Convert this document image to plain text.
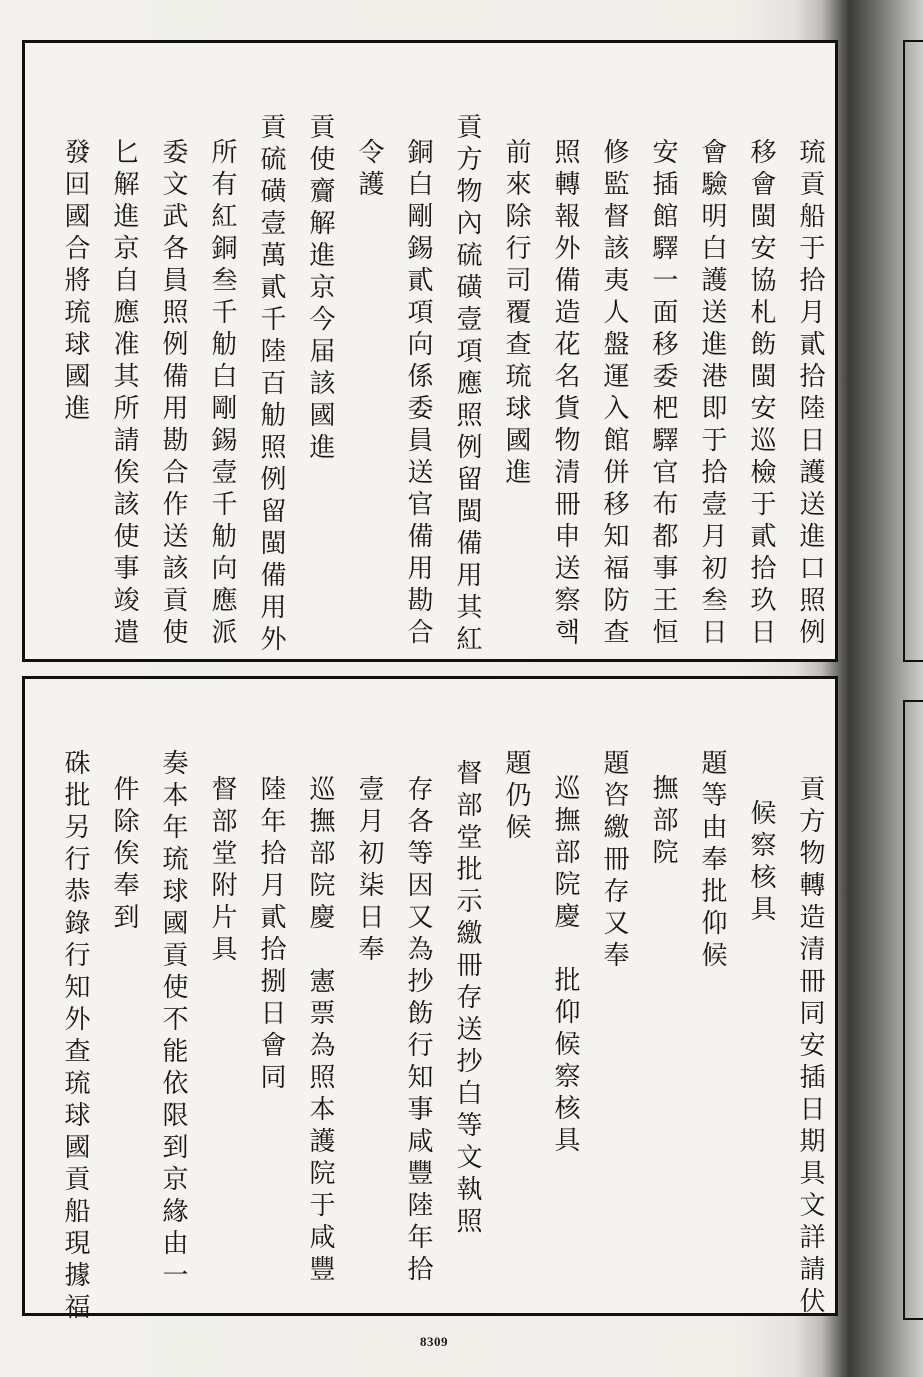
琉貢船于拾月貳拾陸日護送進口照例
移會閩安協札飭閩安巡檢于貳拾玖日
會驗明白護送進港即于拾壹月初叁日
安插館驛一面移委杷驛官布都事王恒
修監督該夷人盤運入館併移知福防查
照轉報外備造花名貨物清冊申送察핵
前來除行司覆查琉球國進
貢方物內硫磺壹項應照例留閩備用其紅
銅白剛錫貳項向係委員送官備用勘合
令護
貢使齎解進京今届該國進
貢硫磺壹萬貳千陸百觔照例留閩備用外
所有紅銅叁千觔白剛錫壹千觔向應派
委文武各員照例備用勘合作送該貢使
匕解進京自應准其所請俟該使事竣遣
發回國合將琉球國進
貢方物轉造清冊同安插日期具文詳請伏
候察核具
題等由奉批仰候
撫部院
題咨繳冊存又奉
巡撫部院慶　批仰候察核具
題仍候
督部堂批示繳冊存送抄白等文執照
存各等因又為抄飭行知事咸豐陸年拾
壹月初柒日奉
巡撫部院慶　憲票為照本護院于咸豐
陸年拾月貳拾捌日會同
督部堂附片具
奏本年琉球國貢使不能依限到京緣由一
件除俟奉到
硃批另行恭錄行知外查琉球國貢船現據福
8309
